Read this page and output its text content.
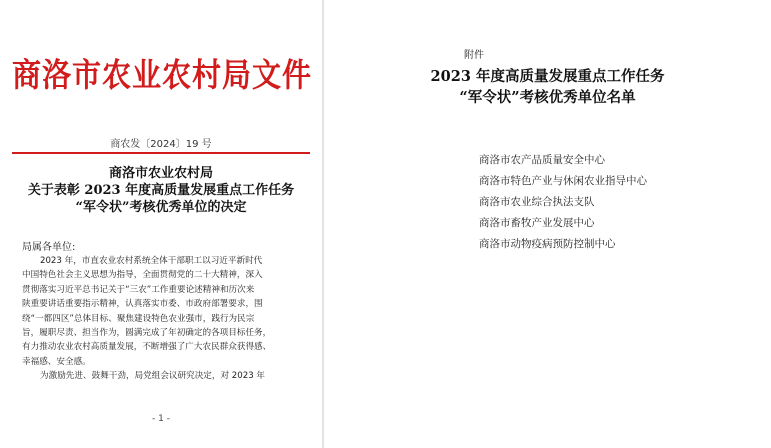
商洛市农业农村局文件
商农发〔2024〕19 号
商洛市农业农村局
关于表彰 2023 年度高质量发展重点工作任务
“军令状”考核优秀单位的决定
局属各单位:
2023 年，市直农业农村系统全体干部职工以习近平新时代
中国特色社会主义思想为指导，全面贯彻党的二十大精神，深入
贯彻落实习近平总书记关于“三农”工作重要论述精神和历次来
陕重要讲话重要指示精神，认真落实市委、市政府部署要求，围
绕“一都四区”总体目标、聚焦建设特色农业强市，践行为民宗
旨，履职尽责、担当作为，圆满完成了年初确定的各项目标任务，
有力推动农业农村高质量发展，不断增强了广大农民群众获得感、
幸福感、安全感。
为激励先进、鼓舞干劲，局党组会议研究决定，对 2023 年
- 1 -
附件
2023 年度高质量发展重点工作任务
“军令状”考核优秀单位名单
商洛市农产品质量安全中心
商洛市特色产业与休闲农业指导中心
商洛市农业综合执法支队
商洛市畜牧产业发展中心
商洛市动物疫病预防控制中心
